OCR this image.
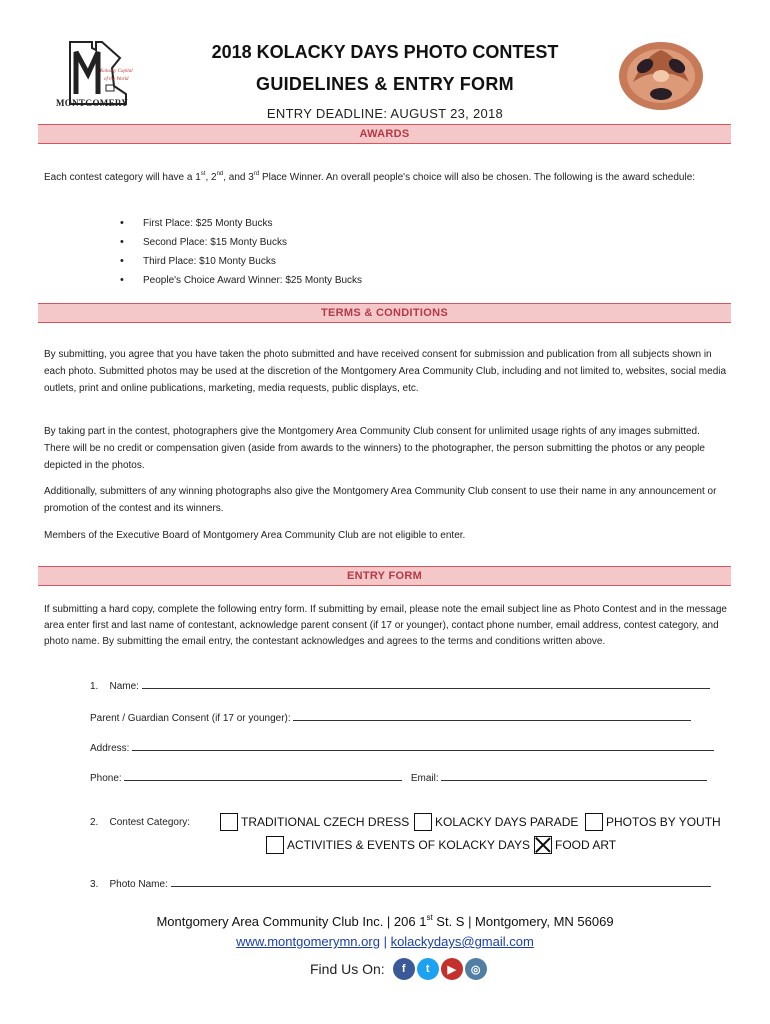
Kolacky Capital
of the World
MONTGOMERY
2018 KOLACKY DAYS PHOTO CONTEST
GUIDELINES & ENTRY FORM
ENTRY DEADLINE: AUGUST 23, 2018
AWARDS
Each contest category will have a 1st, 2nd, and 3rd Place Winner. An overall people's choice will also be chosen. The following is the award schedule:
• First Place: $25 Monty Bucks
• Second Place: $15 Monty Bucks
• Third Place: $10 Monty Bucks
• People's Choice Award Winner: $25 Monty Bucks
TERMS & CONDITIONS
By submitting, you agree that you have taken the photo submitted and have received consent for submission and publication from all subjects shown in each photo. Submitted photos may be used at the discretion of the Montgomery Area Community Club, including and not limited to, websites, social media outlets, print and online publications, marketing, media requests, public displays, etc.
By taking part in the contest, photographers give the Montgomery Area Community Club consent for unlimited usage rights of any images submitted. There will be no credit or compensation given (aside from awards to the winners) to the photographer, the person submitting the photos or any people depicted in the photos.
Additionally, submitters of any winning photographs also give the Montgomery Area Community Club consent to use their name in any announcement or promotion of the contest and its winners.
Members of the Executive Board of Montgomery Area Community Club are not eligible to enter.
ENTRY FORM
If submitting a hard copy, complete the following entry form. If submitting by email, please note the email subject line as Photo Contest and in the message area enter first and last name of contestant, acknowledge parent consent (if 17 or younger), contact phone number, email address, contest category, and photo name. By submitting the email entry, the contestant acknowledges and agrees to the terms and conditions written above.
1. Name:
Parent / Guardian Consent (if 17 or younger):
Address:
Phone:	Email:
2. Contest Category:	TRADITIONAL CZECH DRESS KOLACKY DAYS PARADE PHOTOS BY YOUTH
ACTIVITIES & EVENTS OF KOLACKY DAYS FOOD ART
3. Photo Name:
Montgomery Area Community Club Inc. | 206 1st St. S | Montgomery, MN 56069
www.montgomerymn.org | kolackydays@gmail.com
Find Us On:	f	t	▶	◎
